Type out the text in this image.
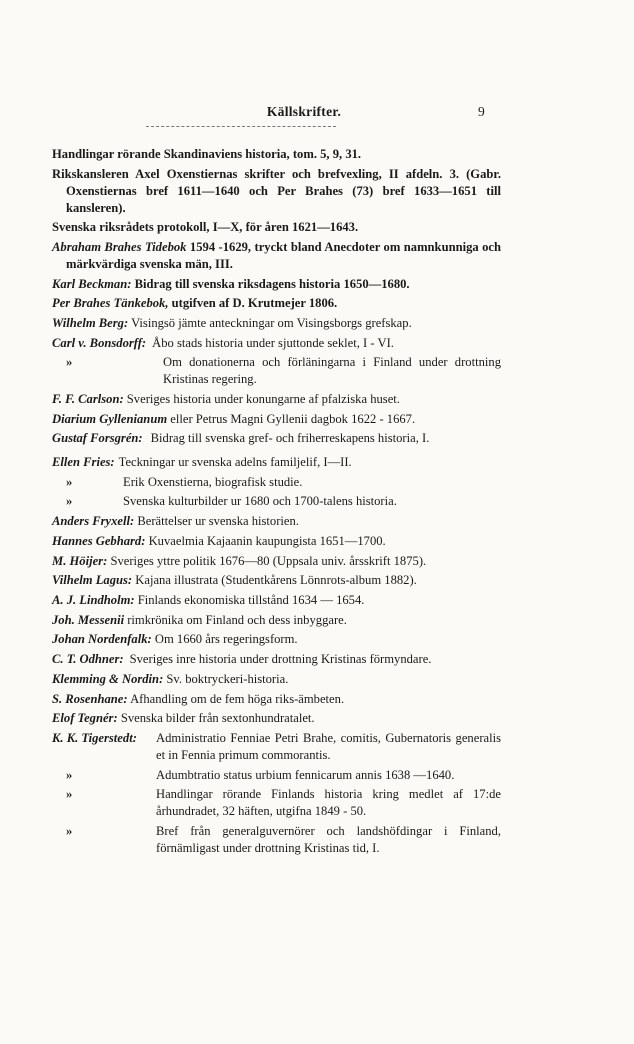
Källskrifter.	9

Handlingar rörande Skandinaviens historia, tom. 5, 9, 31.

Rikskansleren Axel Oxenstiernas skrifter och brefvexling, II afdeln. 3. (Gabr. Oxenstiernas bref 1611—1640 och Per Brahes (73) bref 1633—1651 till kansleren).

Svenska riksrådets protokoll, I—X, för åren 1621—1643.

Abraham Brahes Tidebok 1594 -1629, tryckt bland Anecdoter om namnkunniga och märkvärdiga svenska män, III.

Karl Beckman: Bidrag till svenska riksdagens historia 1650—1680.

Per Brahes Tänkebok, utgifven af D. Krutmejer 1806.

Wilhelm Berg: Visingsö jämte anteckningar om Visingsborgs grefskap.

Carl v. Bonsdorff: Åbo stads historia under sjuttonde seklet, I - VI.
»	Om donationerna och förläningarna i Finland under drottning Kristinas regering.

F. F. Carlson: Sveriges historia under konungarne af pfalziska huset.

Diarium Gyllenianum eller Petrus Magni Gyllenii dagbok 1622 - 1667.

Gustaf Forsgrén: Bidrag till svenska gref- och friherreskapens historia, I.
Ellen Fries: Teckningar ur svenska adelns familjelif, I—II.
»	Erik Oxenstierna, biografisk studie.
»	Svenska kulturbilder ur 1680 och 1700-talens historia.

Anders Fryxell: Berättelser ur svenska historien.

Hannes Gebhard: Kuvaelmia Kajaanin kaupungista 1651—1700.

M. Höijer: Sveriges yttre politik 1676—80 (Uppsala univ. årsskrift 1875).

Vilhelm Lagus: Kajana illustrata (Studentkårens Lönnrots-album 1882).

A. J. Lindholm: Finlands ekonomiska tillstånd 1634 — 1654.

Joh. Messenii rimkrönika om Finland och dess inbyggare.

Johan Nordenfalk: Om 1660 års regeringsform.

C. T. Odhner: Sveriges inre historia under drottning Kristinas förmyndare.

Klemming & Nordin: Sv. boktryckeri-historia.

S. Rosenhane: Afhandling om de fem höga riks-ämbeten.

Elof Tegnér: Svenska bilder från sextonhundratalet.

K. K. Tigerstedt:	Administratio Fenniae Petri Brahe, comitis, Gubernatoris generalis et in Fennia primum commorantis.
»	Adumbtratio status urbium fennicarum annis 1638 —1640.
»	Handlingar rörande Finlands historia kring medlet af 17:de århundradet, 32 häften, utgifna 1849 - 50.
»	Bref från generalguvernörer och landshöfdingar i Finland, förnämligast under drottning Kristinas tid, I.
